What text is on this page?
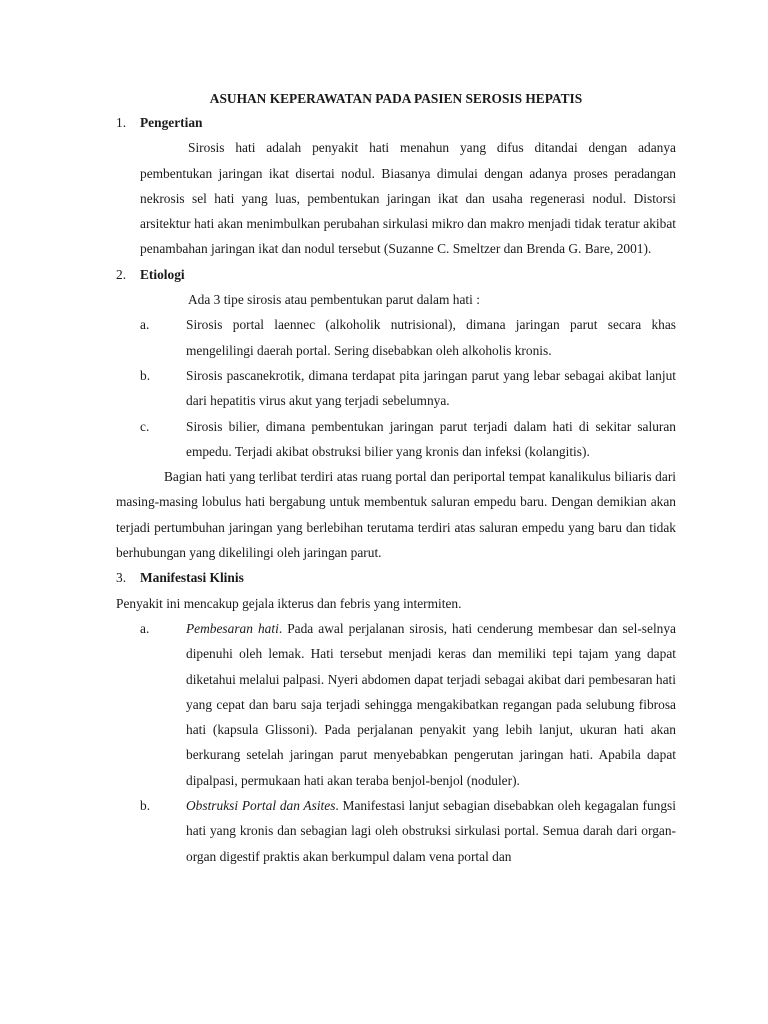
ASUHAN KEPERAWATAN PADA PASIEN SEROSIS HEPATIS
1.	Pengertian

Sirosis hati adalah penyakit hati menahun yang difus ditandai dengan adanya pembentukan jaringan ikat disertai nodul. Biasanya dimulai dengan adanya proses peradangan nekrosis sel hati yang luas, pembentukan jaringan ikat dan usaha regenerasi nodul. Distorsi arsitektur hati akan menimbulkan perubahan sirkulasi mikro dan makro menjadi tidak teratur akibat penambahan jaringan ikat dan nodul tersebut (Suzanne C. Smeltzer dan Brenda G. Bare, 2001).

2.	Etiologi

Ada 3 tipe sirosis atau pembentukan parut dalam hati :

a.	Sirosis portal laennec (alkoholik nutrisional), dimana jaringan parut secara khas mengelilingi daerah portal. Sering disebabkan oleh alkoholis kronis.
b.	Sirosis pascanekrotik, dimana terdapat pita jaringan parut yang lebar sebagai akibat lanjut dari hepatitis virus akut yang terjadi sebelumnya.
c.	Sirosis bilier, dimana pembentukan jaringan parut terjadi dalam hati di sekitar saluran empedu. Terjadi akibat obstruksi bilier yang kronis dan infeksi (kolangitis).

Bagian hati yang terlibat terdiri atas ruang portal dan periportal tempat kanalikulus biliaris dari masing-masing lobulus hati bergabung untuk membentuk saluran empedu baru. Dengan demikian akan terjadi pertumbuhan jaringan yang berlebihan terutama terdiri atas saluran empedu yang baru dan tidak berhubungan yang dikelilingi oleh jaringan parut.

3.	Manifestasi Klinis

Penyakit ini mencakup gejala ikterus dan febris yang intermiten.

a.	Pembesaran hati. Pada awal perjalanan sirosis, hati cenderung membesar dan sel-selnya dipenuhi oleh lemak. Hati tersebut menjadi keras dan memiliki tepi tajam yang dapat diketahui melalui palpasi. Nyeri abdomen dapat terjadi sebagai akibat dari pembesaran hati yang cepat dan baru saja terjadi sehingga mengakibatkan regangan pada selubung fibrosa hati (kapsula Glissoni). Pada perjalanan penyakit yang lebih lanjut, ukuran hati akan berkurang setelah jaringan parut menyebabkan pengerutan jaringan hati. Apabila dapat dipalpasi, permukaan hati akan teraba benjol-benjol (noduler).
b.	Obstruksi Portal dan Asites. Manifestasi lanjut sebagian disebabkan oleh kegagalan fungsi hati yang kronis dan sebagian lagi oleh obstruksi sirkulasi portal. Semua darah dari organ-organ digestif praktis akan berkumpul dalam vena portal dan
